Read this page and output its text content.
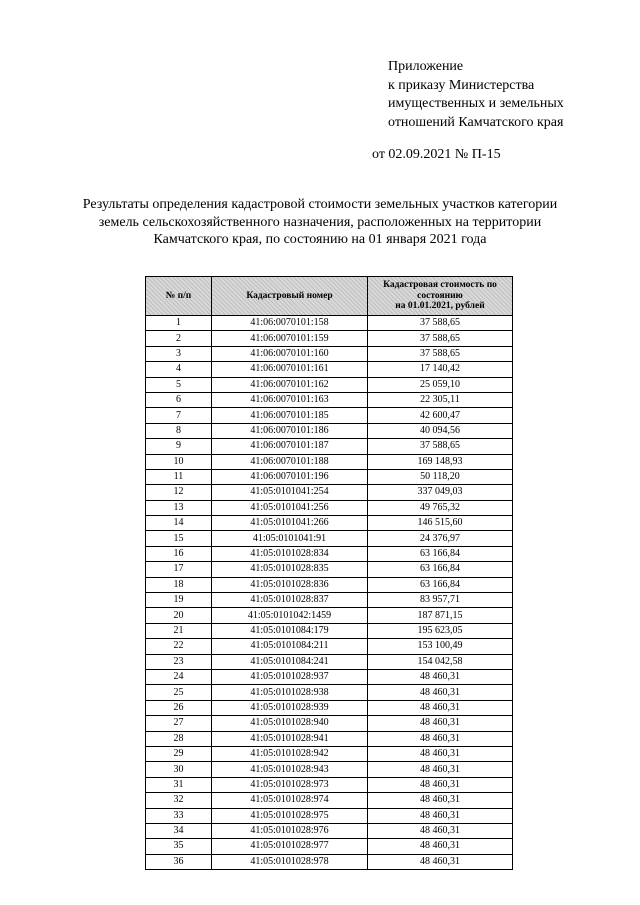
Приложение
к приказу Министерства
имущественных и земельных
отношений Камчатского края
от 02.09.2021 № П-15
Результаты определения кадастровой стоимости земельных участков категории
земель сельскохозяйственного назначения, расположенных на территории
Камчатского края, по состоянию на 01 января 2021 года
№ п/п	Кадастровый номер	Кадастровая стоимость по
состоянию
на 01.01.2021, рублей

1	41:06:0070101:158	37 588,65
2	41:06:0070101:159	37 588,65
3	41:06:0070101:160	37 588,65
4	41:06:0070101:161	17 140,42
5	41:06:0070101:162	25 059,10
6	41:06:0070101:163	22 305,11
7	41:06:0070101:185	42 600,47
8	41:06:0070101:186	40 094,56
9	41:06:0070101:187	37 588,65
10	41:06:0070101:188	169 148,93
11	41:06:0070101:196	50 118,20
12	41:05:0101041:254	337 049,03
13	41:05:0101041:256	49 765,32
14	41:05:0101041:266	146 515,60
15	41:05:0101041:91	24 376,97
16	41:05:0101028:834	63 166,84
17	41:05:0101028:835	63 166,84
18	41:05:0101028:836	63 166,84
19	41:05:0101028:837	83 957,71
20	41:05:0101042:1459	187 871,15
21	41:05:0101084:179	195 623,05
22	41:05:0101084:211	153 100,49
23	41:05:0101084:241	154 042,58
24	41:05:0101028:937	48 460,31
25	41:05:0101028:938	48 460,31
26	41:05:0101028:939	48 460,31
27	41:05:0101028:940	48 460,31
28	41:05:0101028:941	48 460,31
29	41:05:0101028:942	48 460,31
30	41:05:0101028:943	48 460,31
31	41:05:0101028:973	48 460,31
32	41:05:0101028:974	48 460,31
33	41:05:0101028:975	48 460,31
34	41:05:0101028:976	48 460,31
35	41:05:0101028:977	48 460,31
36	41:05:0101028:978	48 460,31
